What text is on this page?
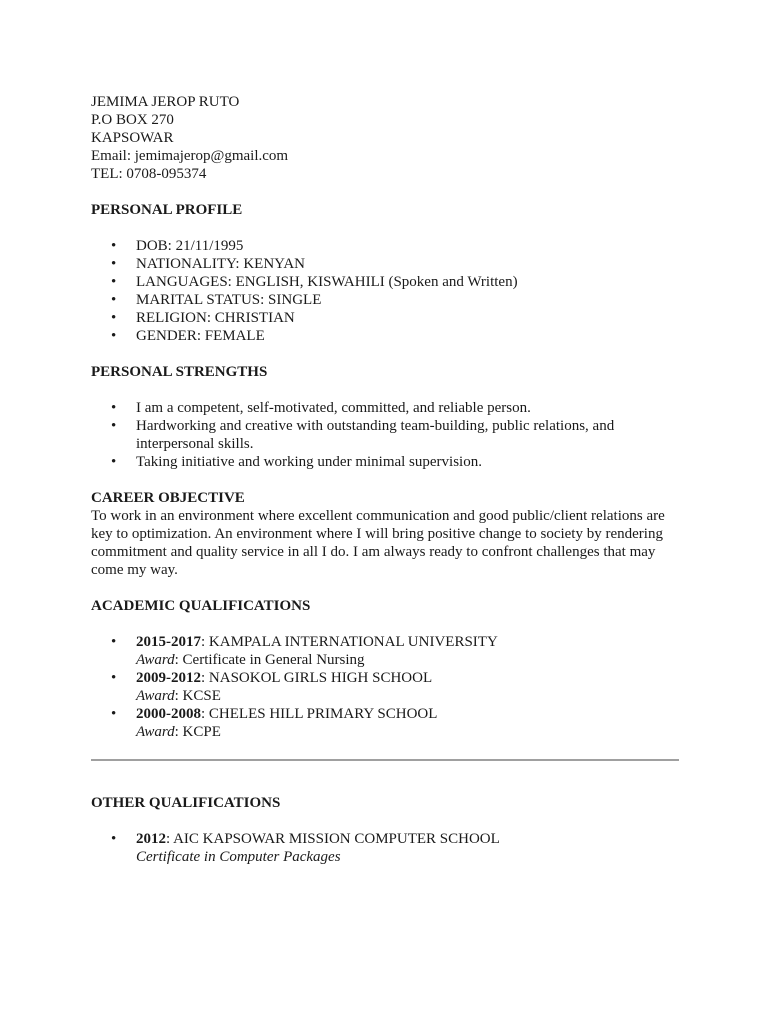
JEMIMA JEROP RUTO
P.O BOX 270
KAPSOWAR
Email: jemimajerop@gmail.com
TEL: 0708-095374
PERSONAL PROFILE
• DOB: 21/11/1995
• NATIONALITY: KENYAN
• LANGUAGES: ENGLISH, KISWAHILI (Spoken and Written)
• MARITAL STATUS: SINGLE
• RELIGION: CHRISTIAN
• GENDER: FEMALE
PERSONAL STRENGTHS
• I am a competent, self-motivated, committed, and reliable person.
• Hardworking and creative with outstanding team-building, public relations, and interpersonal skills.
• Taking initiative and working under minimal supervision.
CAREER OBJECTIVE
To work in an environment where excellent communication and good public/client relations are key to optimization. An environment where I will bring positive change to society by rendering commitment and quality service in all I do. I am always ready to confront challenges that may come my way.
ACADEMIC QUALIFICATIONS
• 2015-2017: KAMPALA INTERNATIONAL UNIVERSITY
Award: Certificate in General Nursing
• 2009-2012: NASOKOL GIRLS HIGH SCHOOL
Award: KCSE
• 2000-2008: CHELES HILL PRIMARY SCHOOL
Award: KCPE
OTHER QUALIFICATIONS
• 2012: AIC KAPSOWAR MISSION COMPUTER SCHOOL
Certificate in Computer Packages
